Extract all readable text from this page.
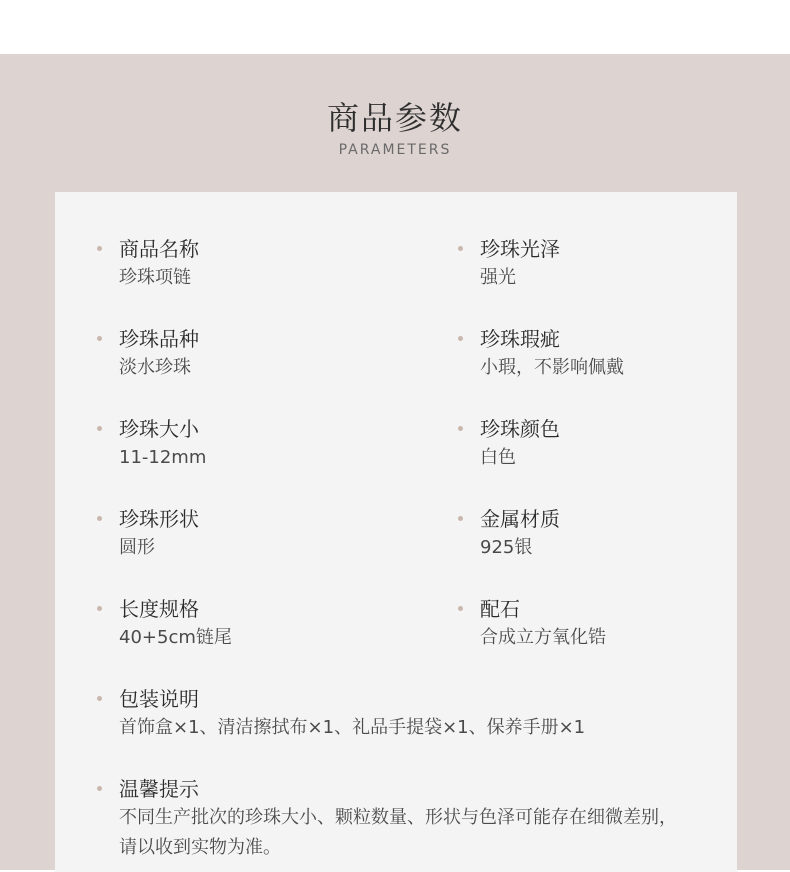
商品参数
PARAMETERS
商品名称
珍珠项链
珍珠品种
淡水珍珠
珍珠大小
11-12mm
珍珠形状
圆形
长度规格
40+5cm链尾
珍珠光泽
强光
珍珠瑕疵
小瑕，不影响佩戴
珍珠颜色
白色
金属材质
925银
配石
合成立方氧化锆
包装说明
首饰盒×1、清洁擦拭布×1、礼品手提袋×1、保养手册×1
温馨提示
不同生产批次的珍珠大小、颗粒数量、形状与色泽可能存在细微差别，请以收到实物为准。
